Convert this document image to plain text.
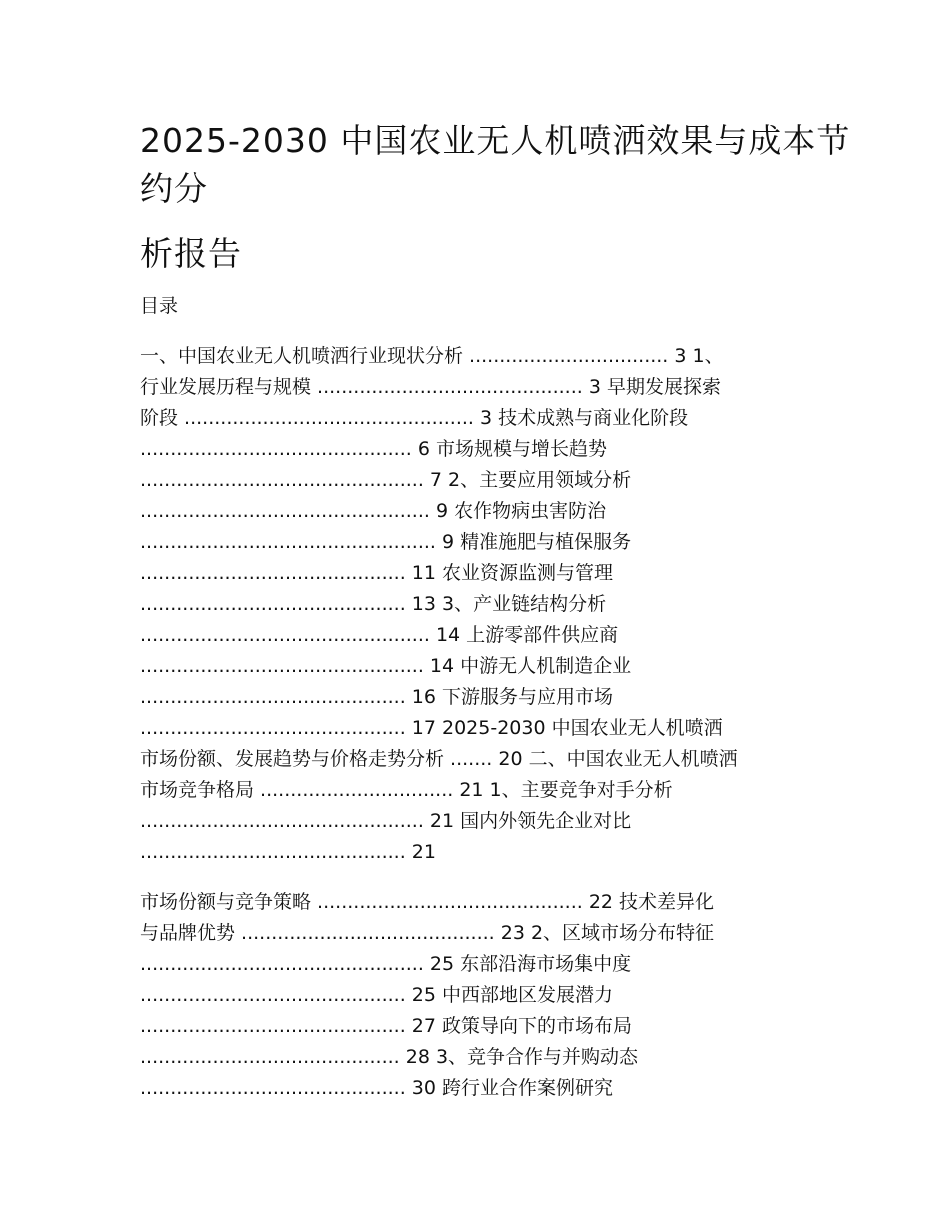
2025-2030 中国农业无人机喷洒效果与成本节
约分
析报告
目录
一、中国农业无人机喷洒行业现状分析 ................................. 3 1、
行业发展历程与规模 ............................................ 3 早期发展探索
阶段 ................................................ 3 技术成熟与商业化阶段
............................................. 6 市场规模与增长趋势
............................................... 7 2、主要应用领域分析
................................................ 9 农作物病虫害防治
................................................. 9 精准施肥与植保服务
............................................ 11 农业资源监测与管理
............................................ 13 3、产业链结构分析
................................................ 14 上游零部件供应商
............................................... 14 中游无人机制造企业
............................................ 16 下游服务与应用市场
............................................ 17 2025-2030 中国农业无人机喷洒
市场份额、发展趋势与价格走势分析 ....... 20 二、中国农业无人机喷洒
市场竞争格局 ................................ 21 1、主要竞争对手分析
............................................... 21 国内外领先企业对比
............................................ 21
市场份额与竞争策略 ............................................ 22 技术差异化
与品牌优势 .......................................... 23 2、区域市场分布特征
............................................... 25 东部沿海市场集中度
............................................ 25 中西部地区发展潜力
............................................ 27 政策导向下的市场布局
........................................... 28 3、竞争合作与并购动态
............................................ 30 跨行业合作案例研究
